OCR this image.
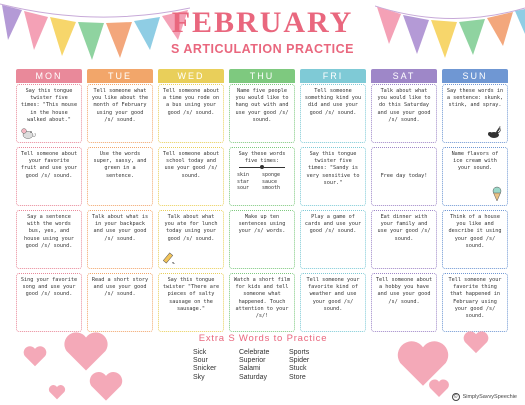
FEBRUARY
S ARTICULATION PRACTICE
MON	TUE	WED	THU	FRI	SAT	SUN
Say this tongue twister five times: "This mouse in the house walked about."
Tell someone what you like about the month of February using your good /s/ sound.
Tell someone about a time you rode on a bus using your good /s/ sound.
Name five people you would like to hang out with and use your good /s/ sound.
Tell someone something kind you did and use your good /s/ sound.
Talk about what you would like to do this Saturday and use your good /s/ sound.
Say these words in a sentence: skunk, stink, and spray.
Tell someone about your favorite fruit and use your good /s/ sound.
Use the words super, sassy, and green in a sentence.
Tell someone about school today and use your good /s/ sound.
Say these words five times:
skin	sponge
star	sauce
sour	smooth
Say this tongue twister five times: "Sandy is very sensitive to sour."
Free day today!
Name flavors of ice cream with your sound.
Say a sentence with the words bus, yes, and house using your good /s/ sound.
Talk about what is in your backpack and use your good /s/ sound.
Talk about what you ate for lunch today using your good /s/ sound.
Make up ten sentences using your /s/ words.
Play a game of cards and use your good /s/ sound.
Eat dinner with your family and use your good /s/ sound.
Think of a house you like and describe it using your good /s/ sound.
Sing your favorite song and use your good /s/ sound.
Read a short story and use your good /s/ sound.
Say this tongue twister "There are pieces of salty sausage on the sausage."
Watch a short film for kids and tell someone what happened. Touch attention to your /s/!
Tell someone your favorite kind of weather and use your good /s/ sound.
Tell someone about a hobby you have and use your good /s/ sound.
Tell someone your favorite thing that happened in February using your good /s/ sound.
Extra S Words to Practice
Sick
Sour
Snicker
Sky
Celebrate
Superior
Salami
Saturday
Sports
Spider
Stuck
Store
© SimplySavvySpeechie
